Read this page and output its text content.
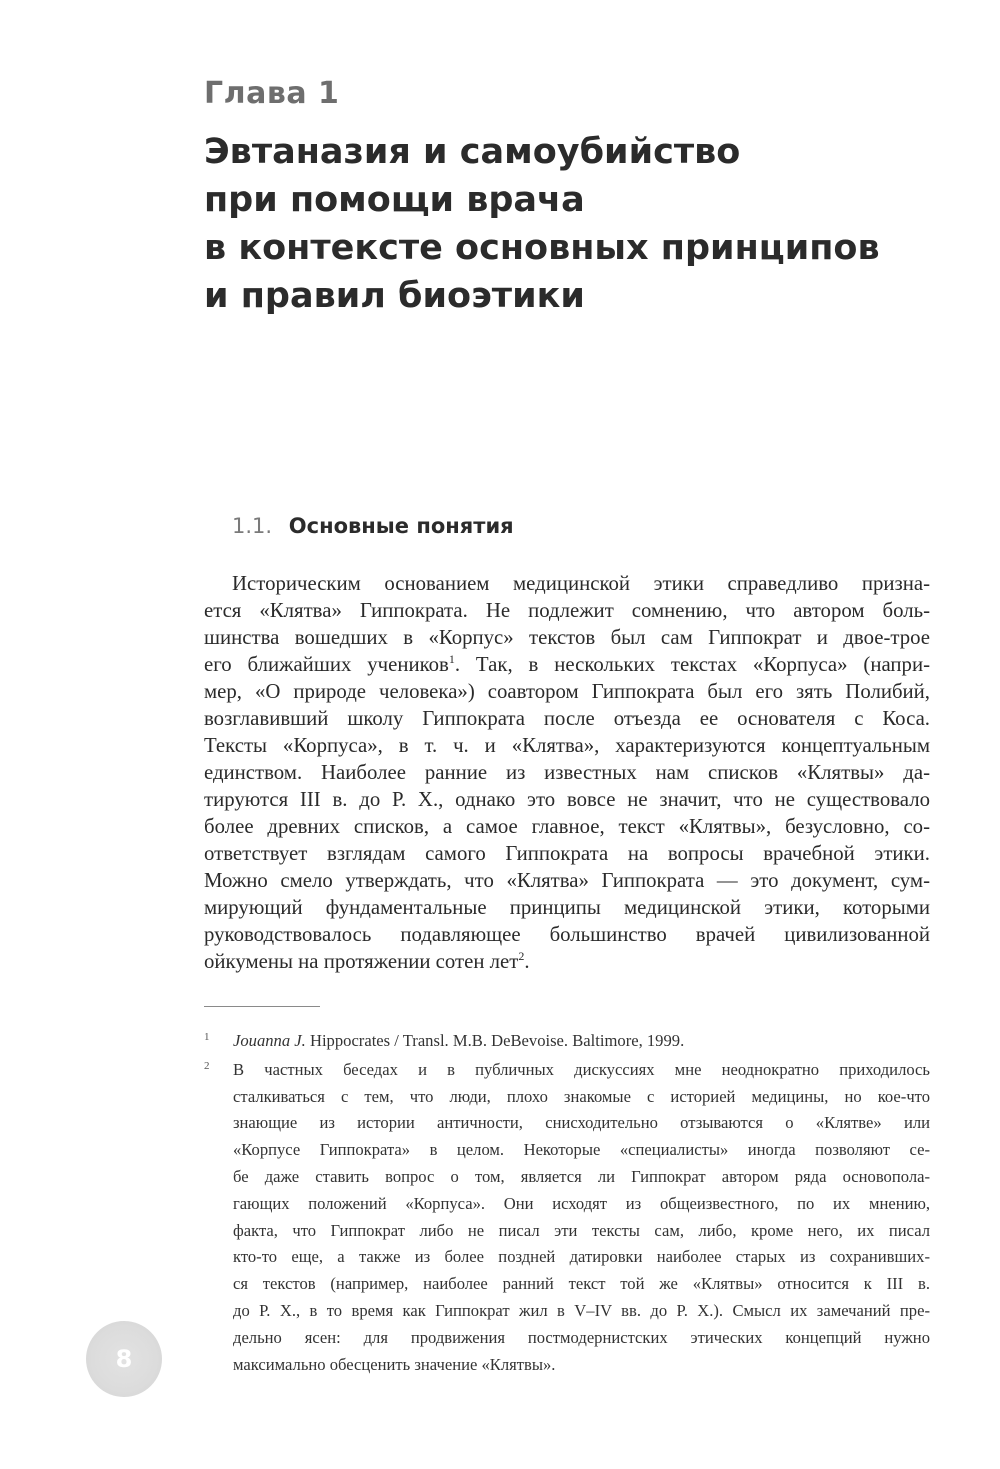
Глава 1
Эвтаназия и самоубийство
при помощи врача
в контексте основных принципов
и правил биоэтики
1.1. Основные понятия
Историческим основанием медицинской этики справедливо призна-
ется «Клятва» Гиппократа. Не подлежит сомнению, что автором боль-
шинства вошедших в «Корпус» текстов был сам Гиппократ и двое-трое
его ближайших учеников$^1$. Так, в нескольких текстах «Корпуса» (напри-
мер, «О природе человека») соавтором Гиппократа был его зять Полибий,
возглавивший школу Гиппократа после отъезда ее основателя с Коса.
Тексты «Корпуса», в т. ч. и «Клятва», характеризуются концептуальным
единством. Наиболее ранние из известных нам списков «Клятвы» да-
тируются III в. до Р. Х., однако это вовсе не значит, что не существовало
более древних списков, а самое главное, текст «Клятвы», безусловно, со-
ответствует взглядам самого Гиппократа на вопросы врачебной этики.
Можно смело утверждать, что «Клятва» Гиппократа — это документ, сум-
мирующий фундаментальные принципы медицинской этики, которыми
руководствовалось подавляющее большинство врачей цивилизованной
ойкумены на протяжении сотен лет$^2$.
1 Jouanna J. Hippocrates / Transl. M.B. DeBevoise. Baltimore, 1999.
2 В частных беседах и в публичных дискуссиях мне неоднократно приходилось
сталкиваться с тем, что люди, плохо знакомые с историей медицины, но кое-что
знающие из истории античности, снисходительно отзываются о «Клятве» или
«Корпусе Гиппократа» в целом. Некоторые «специалисты» иногда позволяют се-
бе даже ставить вопрос о том, является ли Гиппократ автором ряда основопола-
гающих положений «Корпуса». Они исходят из общеизвестного, по их мнению,
факта, что Гиппократ либо не писал эти тексты сам, либо, кроме него, их писал
кто-то еще, а также из более поздней датировки наиболее старых из сохранивших-
ся текстов (например, наиболее ранний текст той же «Клятвы» относится к III в.
до Р. Х., в то время как Гиппократ жил в V–IV вв. до Р. Х.). Смысл их замечаний пре-
дельно ясен: для продвижения постмодернистских этических концепций нужно
максимально обесценить значение «Клятвы».
8
